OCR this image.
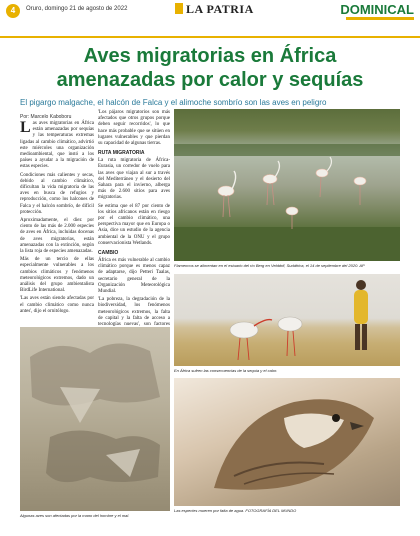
4	Oruro, domingo 21 de agosto de 2022	LA PATRIA	DOMINICAL
Aves migratorias en África
amenazadas por calor y sequías
El pigargo malgache, el halcón de Falca y el alimoche sombrío son las aves en peligro
Por: Marcelo Kaboboru

Las aves migratorias en África están amenazadas por sequías y las temperaturas extremas ligadas al cambio climático, advirtió este miércoles una organización medioambiental, que instó a los países a ayudar a la migración de estas especies.

Condiciones más calientes y secas, debido al cambio climático, dificultan la vida migratoria de las aves en busca de refugios y reproducción, como los halcones de Falca y el halcón sombrío, de difícil protección.

Aproximadamente, el diez por ciento de las más de 2.000 especies de aves en África, incluidas docenas de aves migratorias, están amenazadas con la extinción, según la lista roja de especies amenazadas.

Más de un tercio de ellas especialmente vulnerables a los cambios climáticos y fenómenos meteorológicos extremos, dado un análisis del grupo ambientalista BirdLife International.

'Las aves están siendo afectadas por el cambio climático como nunca antes', dijo el ornitólogo.

'Los pájaros migratorios son más afectados que otros grupos porque deben seguir recorridos', lo que hace más probable que se sitúen en lugares vulnerables y que pierdan su capacidad de algunas tierras.

RUTA MIGRATORIA

La ruta migratoria de África-Eurasia, un corredor de vuelo para las aves que viajan al sur a través del Mediterráneo y el desierto del Sahara para el invierno, alberga más de 2.600 sitios para aves migratorias.

Se estima que el 87 por ciento de los sitios africanos están en riesgo por el cambio climático, una perspectiva mayor que en Europa o Asia, dice un estudio de la agencia ambiental de la ONU y el grupo conservacionista Wetlands.

CAMBIO

África es más vulnerable al cambio climático porque es menos capaz de adaptarse, dijo Petteri Taalas, secretario general de la Organización Meteorológica Mundial.

'La pobreza, la degradación de la biodiversidad, los fenómenos meteorológicos extremos, la falta de capital y la falta de acceso a tecnologías nuevas', son factores

Flamencos se alimentan en el estuario del río Berg en Velddrif, Sudáfrica, el 14 de septiembre del 2020. AP
En África sufren las consecuencias de la sequía y el calor.
Algunas aves son afectadas por la mano del hombre y el mal.
Las especies mueren por falta de agua. FOTOGRAFÍA DEL MUNDO
